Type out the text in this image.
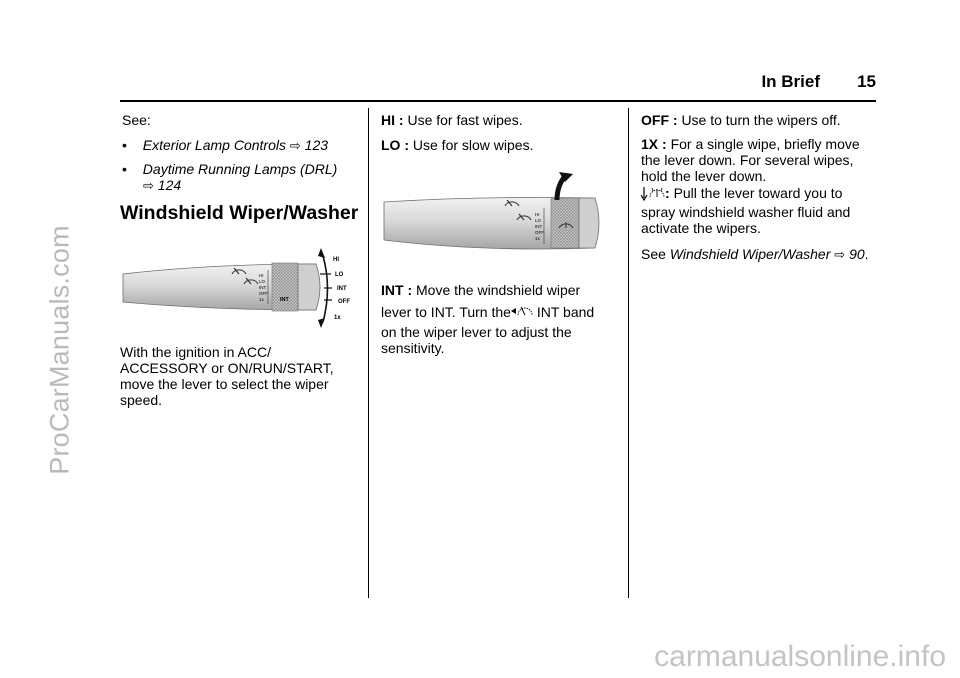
ProCarManuals.com
carmanualsonline.info
In Brief 15
See:
• Exterior Lamp Controls ⇨ 123
• Daytime Running Lamps (DRL)
⇨ 124
Windshield Wiper/Washer
HI
LO
INT
OFF
1x	INT
HI
LO
INT
OFF
1x
With the ignition in ACC/ ACCESSORY or ON/RUN/START, move the lever to select the wiper speed.
HI : Use for fast wipes.
LO : Use for slow wipes.
HI
LO
INT
OFF
1x
INT : Move the windshield wiper
lever to INT. Turn the INT band
on the wiper lever to adjust the
sensitivity.
OFF : Use to turn the wipers off.
1X : For a single wipe, briefly move
the lever down. For several wipes,
hold the lever down.
: Pull the lever toward you to
spray windshield washer fluid and
activate the wipers.
See Windshield Wiper/Washer ⇨ 90.
